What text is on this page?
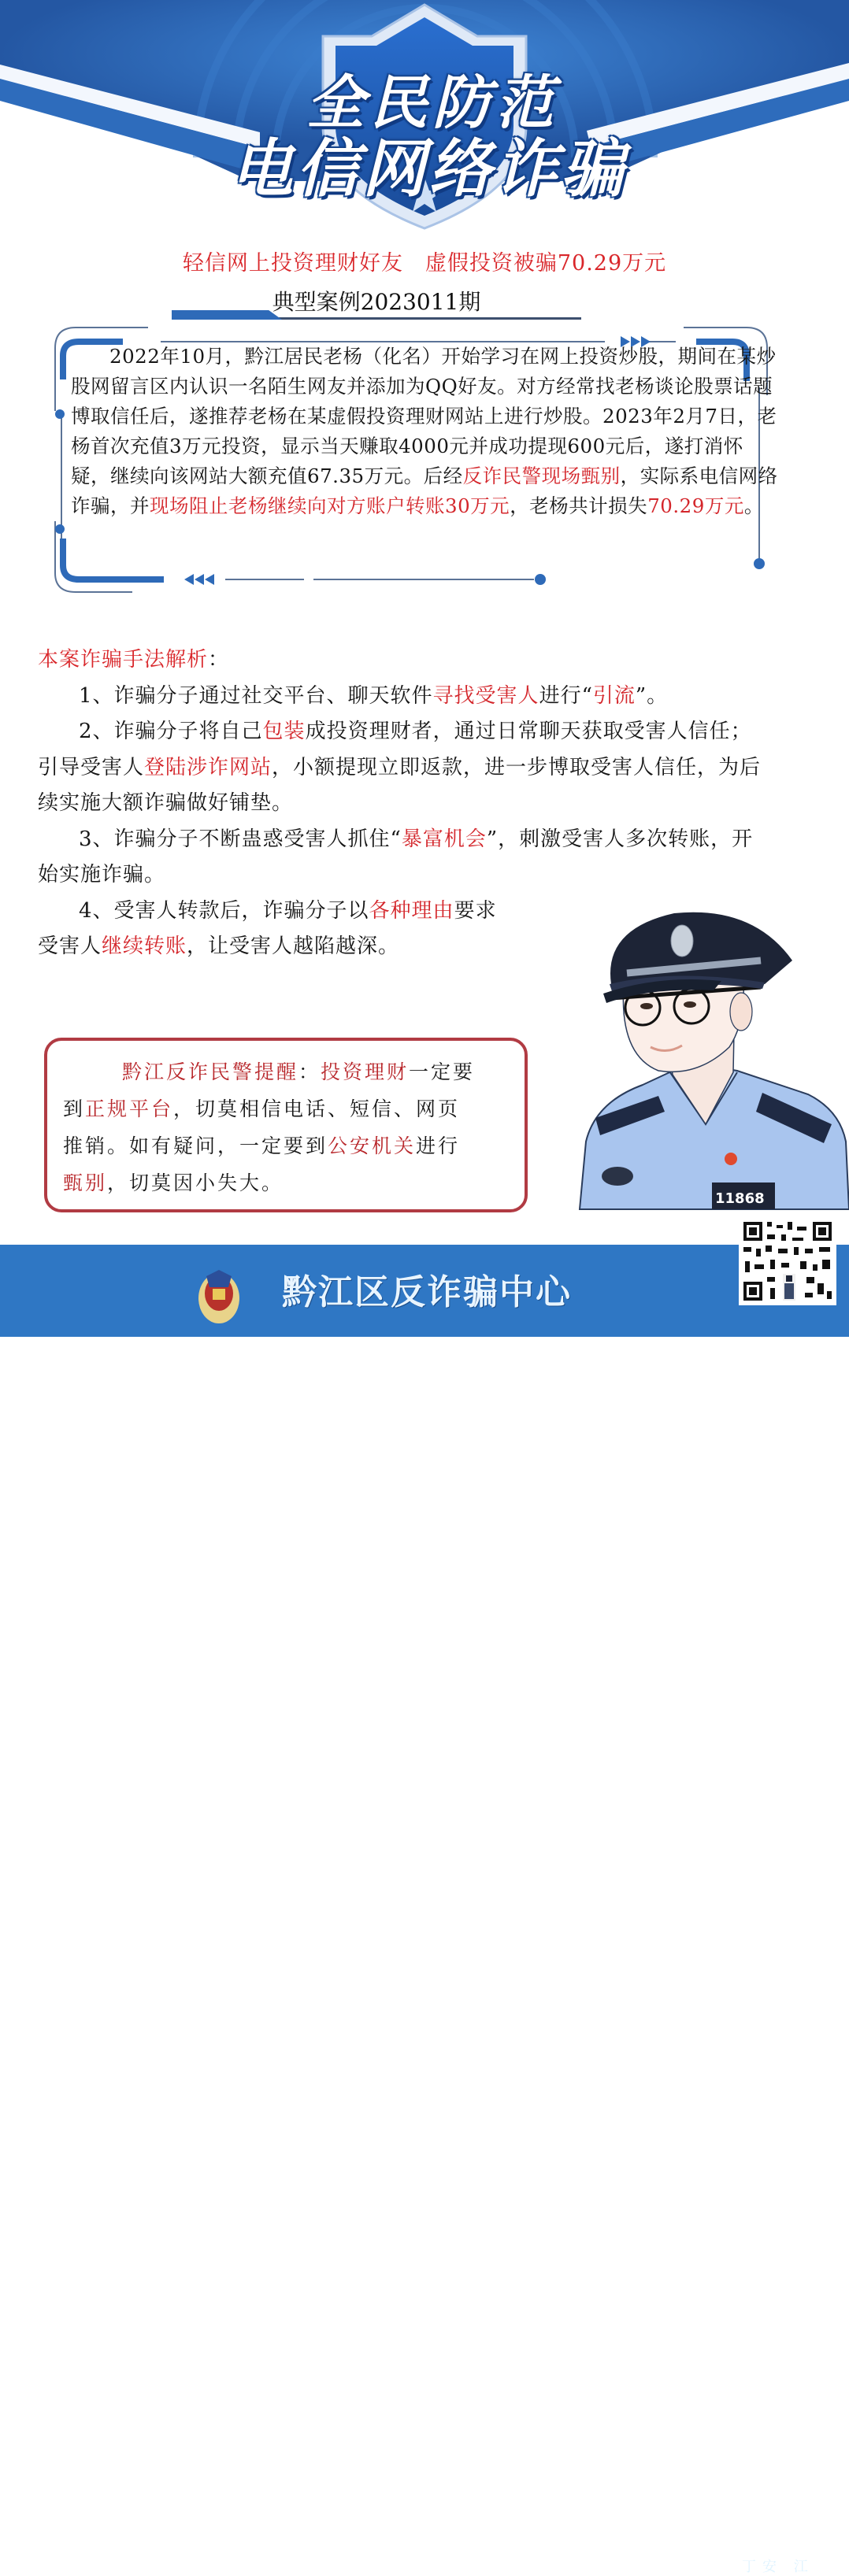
全民防范
电信网络诈骗
轻信网上投资理财好友　虚假投资被骗70.29万元
典型案例2023011期

2022年10月，黔江居民老杨（化名）开始学习在网上投资炒股，期间在某炒股网留言区内认识一名陌生网友并添加为QQ好友。对方经常找老杨谈论股票话题博取信任后，遂推荐老杨在某虚假投资理财网站上进行炒股。2023年2月7日，老杨首次充值3万元投资，显示当天赚取4000元并成功提现600元后，遂打消怀疑，继续向该网站大额充值67.35万元。后经反诈民警现场甄别，实际系电信网络诈骗，并现场阻止老杨继续向对方账户转账30万元，老杨共计损失70.29万元。

本案诈骗手法解析：
1、诈骗分子通过社交平台、聊天软件寻找受害人进行“引流”。
2、诈骗分子将自己包装成投资理财者，通过日常聊天获取受害人信任；引导受害人登陆涉诈网站，小额提现立即返款，进一步博取受害人信任，为后续实施大额诈骗做好铺垫。
3、诈骗分子不断蛊惑受害人抓住“暴富机会”，刺激受害人多次转账，开始实施诈骗。
4、受害人转款后，诈骗分子以各种理由要求
受害人继续转账，让受害人越陷越深。
黔江反诈民警提醒：投资理财一定要
到正规平台，切莫相信电话、短信、网页
推销。如有疑问，一定要到公安机关进行
甄别，切莫因小失大。
11868
黔江区反诈骗中心
丁安 江
